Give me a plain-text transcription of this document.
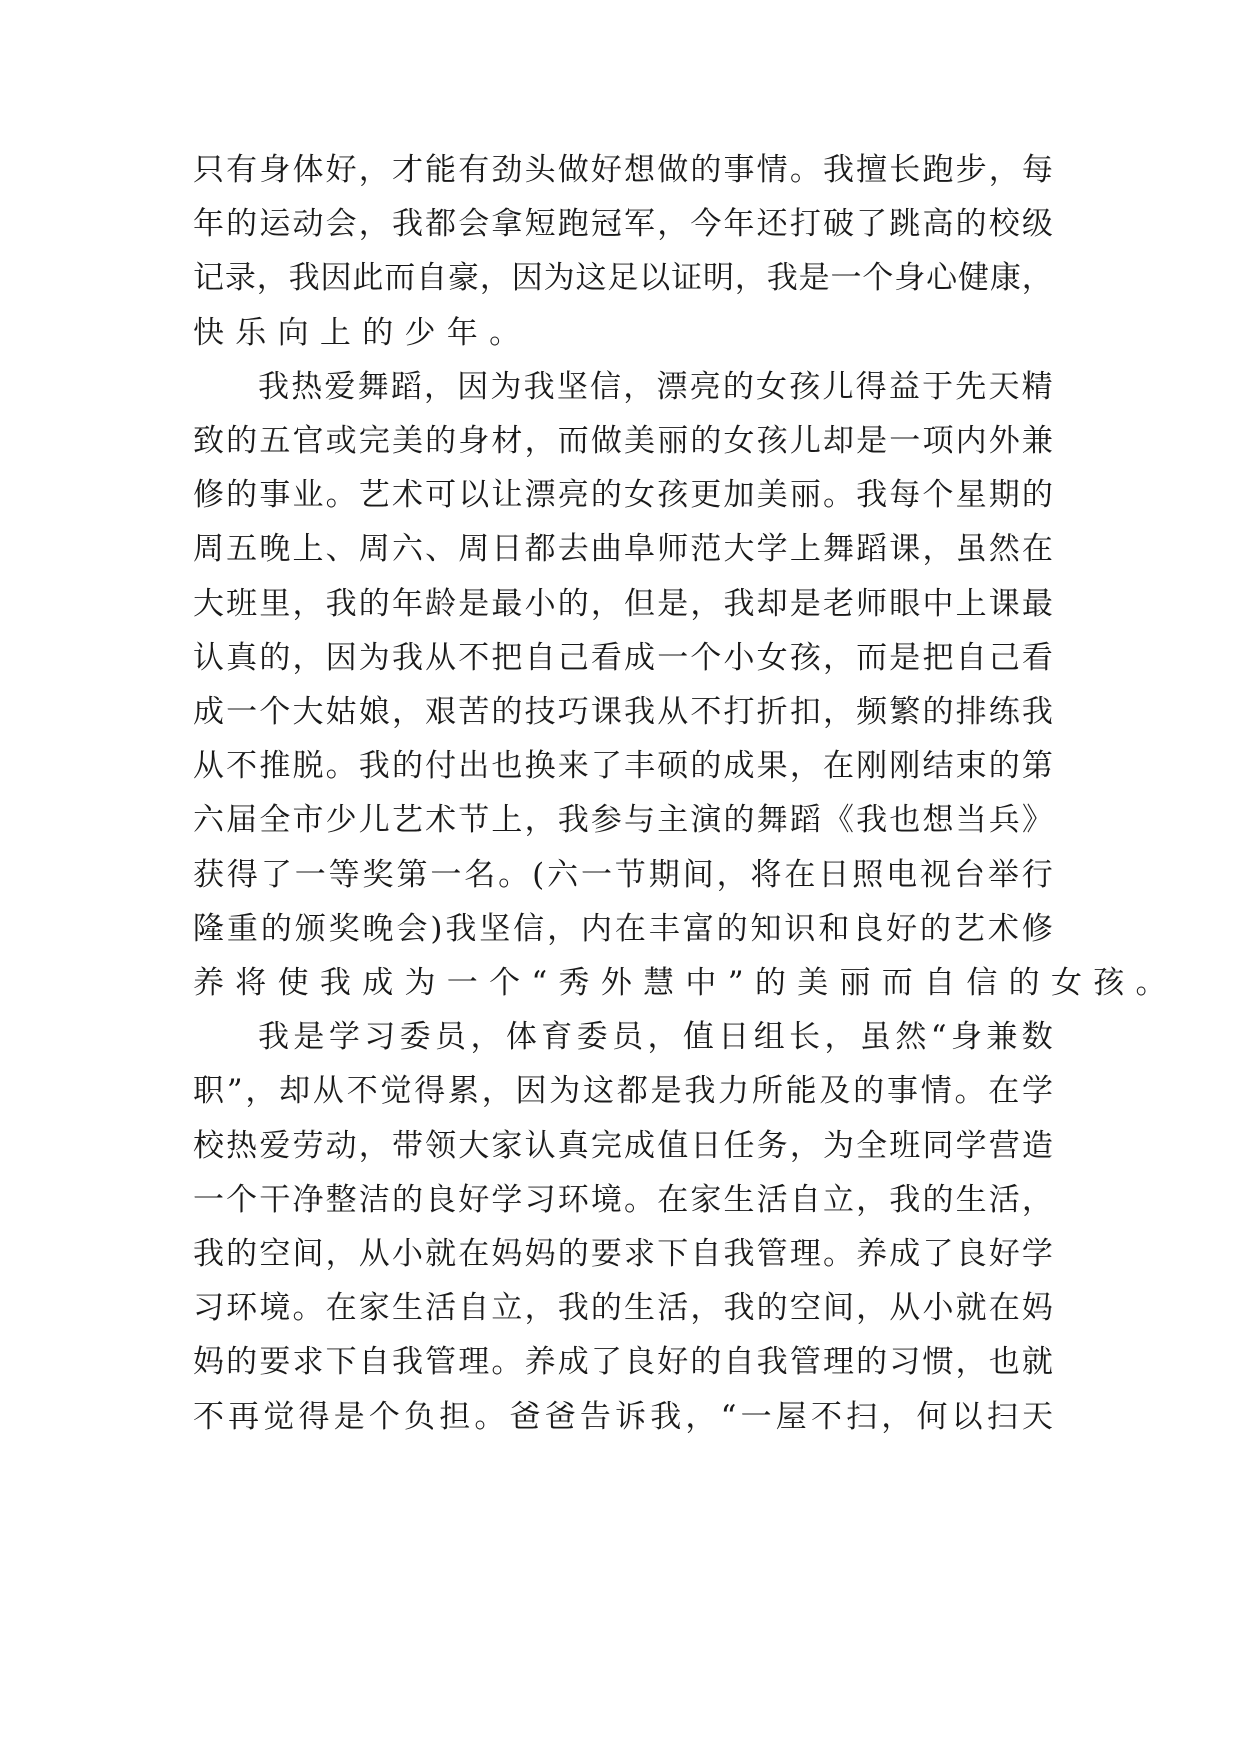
只 有 身 体 好 ， 才 能 有 劲 头 做 好 想 做 的 事 情 。 我 擅 长 跑 步 ， 每
年 的 运 动 会 ， 我 都 会 拿 短 跑 冠 军 ， 今 年 还 打 破 了 跳 高 的 校 级
记 录 ， 我 因 此 而 自 豪 ， 因 为 这 足 以 证 明 ， 我 是 一 个 身 心 健 康 ，
快 乐 向 上 的 少 年 。
我 热 爱 舞 蹈 ， 因 为 我 坚 信 ， 漂 亮 的 女 孩 儿 得 益 于 先 天 精
致 的 五 官 或 完 美 的 身 材 ， 而 做 美 丽 的 女 孩 儿 却 是 一 项 内 外 兼
修 的 事 业 。 艺 术 可 以 让 漂 亮 的 女 孩 更 加 美 丽 。 我 每 个 星 期 的
周 五 晚 上 、 周 六 、 周 日 都 去 曲 阜 师 范 大 学 上 舞 蹈 课 ， 虽 然 在
大 班 里 ， 我 的 年 龄 是 最 小 的 ， 但 是 ， 我 却 是 老 师 眼 中 上 课 最
认 真 的 ， 因 为 我 从 不 把 自 己 看 成 一 个 小 女 孩 ， 而 是 把 自 己 看
成 一 个 大 姑 娘 ， 艰 苦 的 技 巧 课 我 从 不 打 折 扣 ， 频 繁 的 排 练 我
从 不 推 脱 。 我 的 付 出 也 换 来 了 丰 硕 的 成 果 ， 在 刚 刚 结 束 的 第
六 届 全 市 少 儿 艺 术 节 上 ， 我 参 与 主 演 的 舞 蹈 《 我 也 想 当 兵 》
获 得 了 一 等 奖 第 一 名 。 ( 六 一 节 期 间 ， 将 在 日 照 电 视 台 举 行
隆 重 的 颁 奖 晚 会 ) 我 坚 信 ， 内 在 丰 富 的 知 识 和 良 好 的 艺 术 修
养 将 使 我 成 为 一 个 “ 秀 外 慧 中 ” 的 美 丽 而 自 信 的 女 孩 。
我 是 学 习 委 员 ， 体 育 委 员 ， 值 日 组 长 ， 虽 然 “ 身 兼 数
职 ” ， 却 从 不 觉 得 累 ， 因 为 这 都 是 我 力 所 能 及 的 事 情 。 在 学
校 热 爱 劳 动 ， 带 领 大 家 认 真 完 成 值 日 任 务 ， 为 全 班 同 学 营 造
一 个 干 净 整 洁 的 良 好 学 习 环 境 。 在 家 生 活 自 立 ， 我 的 生 活 ，
我 的 空 间 ， 从 小 就 在 妈 妈 的 要 求 下 自 我 管 理 。 养 成 了 良 好 学
习 环 境 。 在 家 生 活 自 立 ， 我 的 生 活 ， 我 的 空 间 ， 从 小 就 在 妈
妈 的 要 求 下 自 我 管 理 。 养 成 了 良 好 的 自 我 管 理 的 习 惯 ， 也 就
不 再 觉 得 是 个 负 担 。 爸 爸 告 诉 我 ， “ 一 屋 不 扫 ， 何 以 扫 天
